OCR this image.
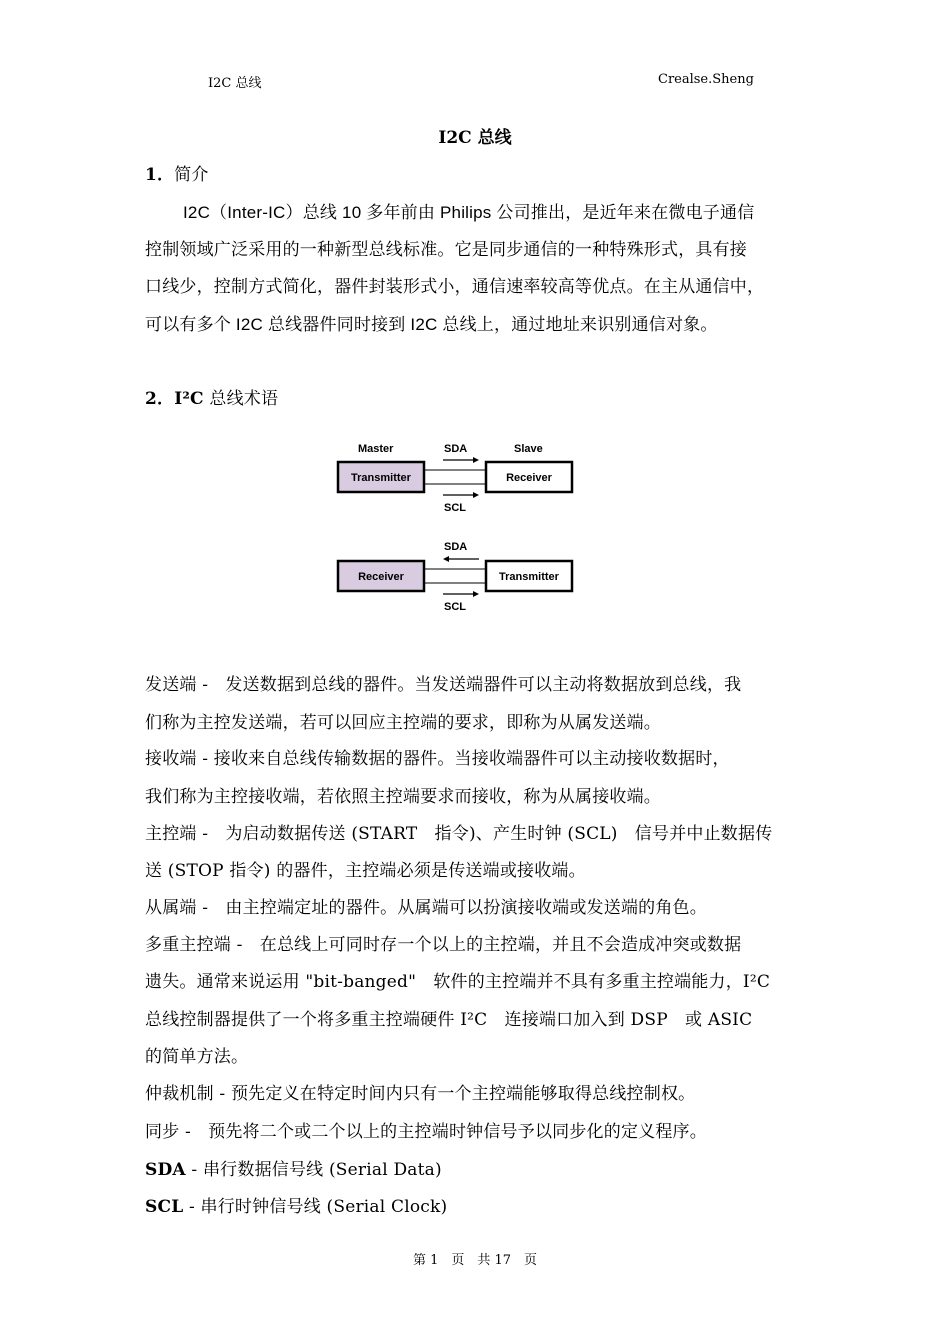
I2C 总线	Crealse.Sheng
I2C 总线
1．简介
I2C（Inter-IC）总线 10 多年前由 Philips 公司推出，是近年来在微电子通信
控制领域广泛采用的一种新型总线标准。它是同步通信的一种特殊形式，具有接
口线少，控制方式简化，器件封装形式小，通信速率较高等优点。在主从通信中，
可以有多个 I2C 总线器件同时接到 I2C 总线上，通过地址来识别通信对象。
2．I²C 总线术语
Master	SDA	Slave
Transmitter	Receiver
SCL
SDA
Receiver	Transmitter
SCL
发送端 -　发送数据到总线的器件。当发送端器件可以主动将数据放到总线，我
们称为主控发送端，若可以回应主控端的要求，即称为从属发送端。
接收端 - 接收来自总线传输数据的器件。当接收端器件可以主动接收数据时，
我们称为主控接收端，若依照主控端要求而接收，称为从属接收端。
主控端 -　为启动数据传送 (START　指令)、产生时钟 (SCL)　信号并中止数据传
送 (STOP 指令) 的器件，主控端必须是传送端或接收端。
从属端 -　由主控端定址的器件。从属端可以扮演接收端或发送端的角色。
多重主控端 -　在总线上可同时存一个以上的主控端，并且不会造成冲突或数据
遗失。通常来说运用 "bit-banged"　软件的主控端并不具有多重主控端能力，I²C
总线控制器提供了一个将多重主控端硬件 I²C　连接端口加入到 DSP　或 ASIC
的简单方法。
仲裁机制 - 预先定义在特定时间内只有一个主控端能够取得总线控制权。
同步 -　预先将二个或二个以上的主控端时钟信号予以同步化的定义程序。
SDA - 串行数据信号线 (Serial Data)
SCL - 串行时钟信号线 (Serial Clock)
第 1　页　共 17　页
